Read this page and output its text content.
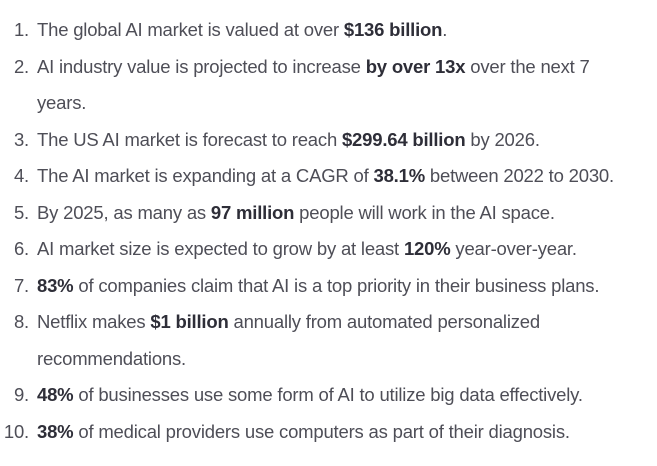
1. The global AI market is valued at over $136 billion.
2. AI industry value is projected to increase by over 13x over the next 7 years.
3. The US AI market is forecast to reach $299.64 billion by 2026.
4. The AI market is expanding at a CAGR of 38.1% between 2022 to 2030.
5. By 2025, as many as 97 million people will work in the AI space.
6. AI market size is expected to grow by at least 120% year-over-year.
7. 83% of companies claim that AI is a top priority in their business plans.
8. Netflix makes $1 billion annually from automated personalized recommendations.
9. 48% of businesses use some form of AI to utilize big data effectively.
10. 38% of medical providers use computers as part of their diagnosis.
